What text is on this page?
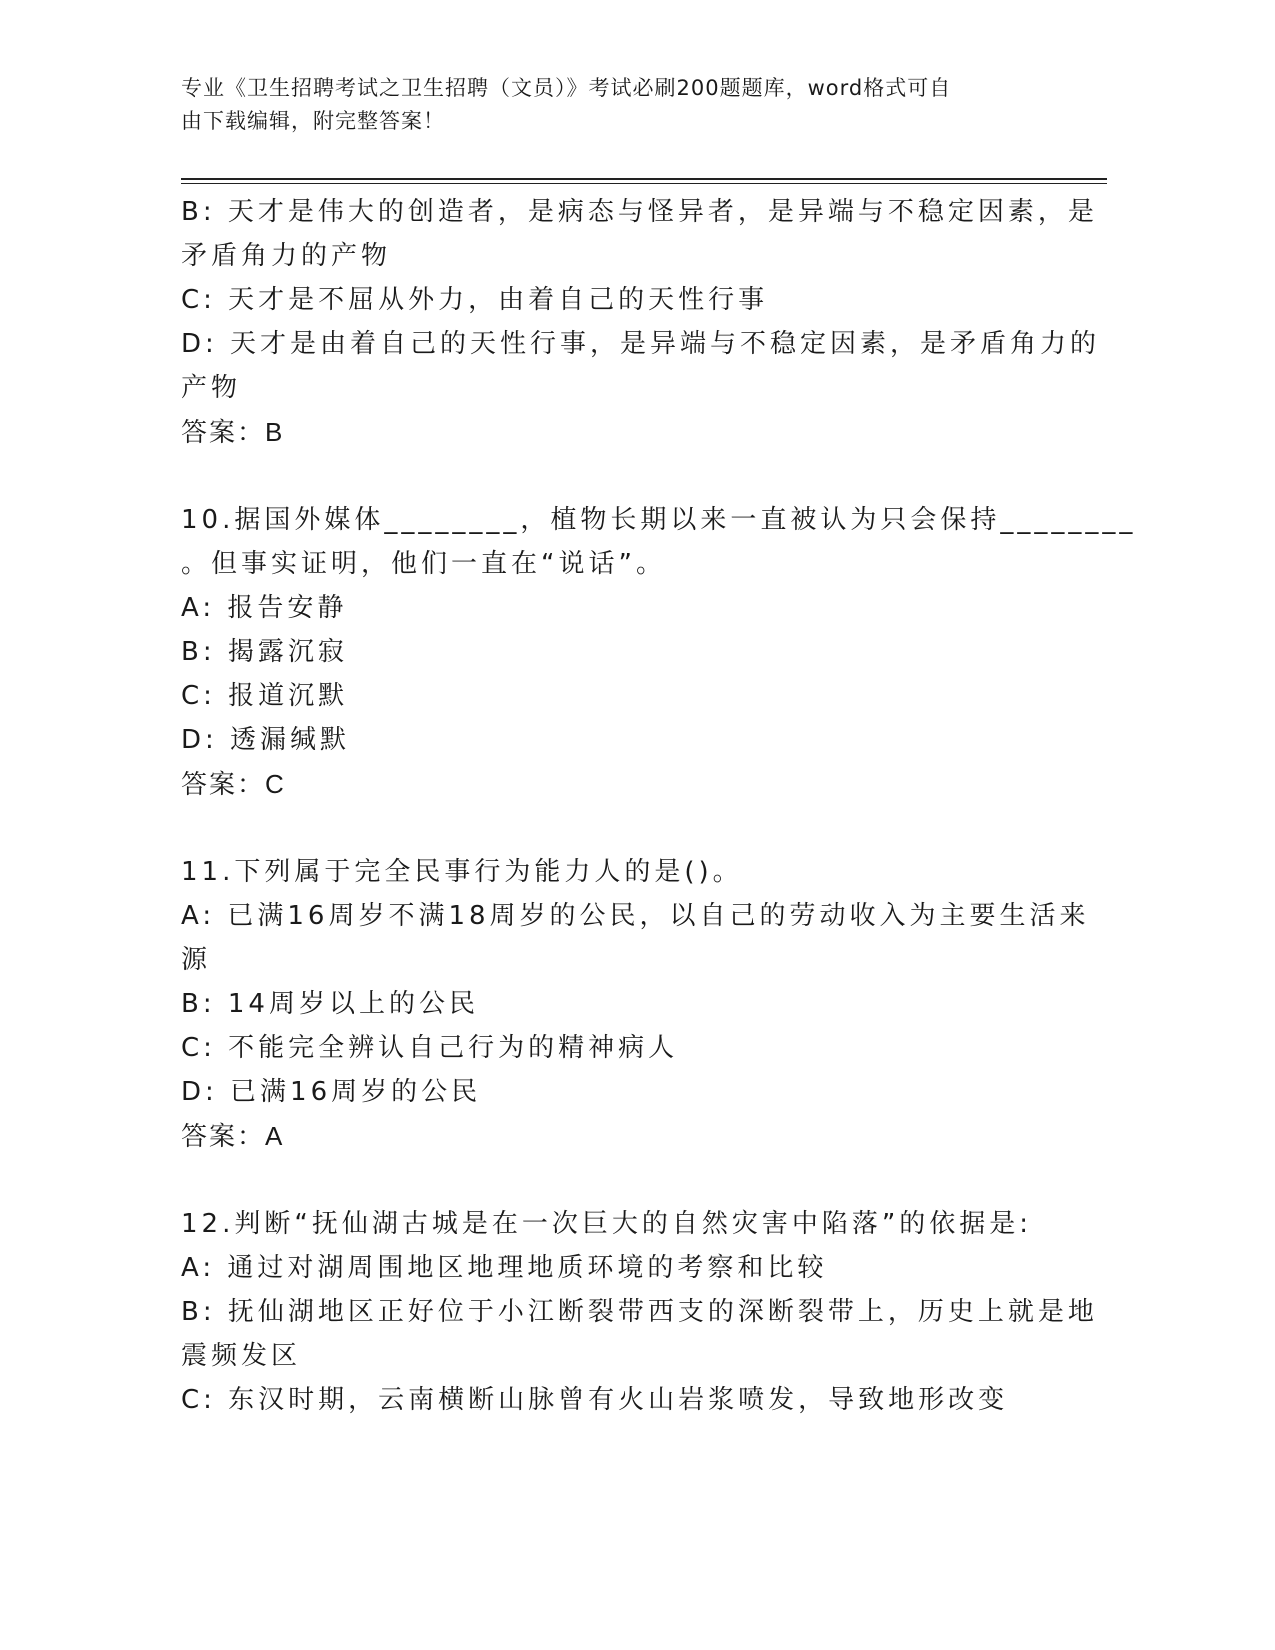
专业《卫生招聘考试之卫生招聘（文员）》考试必刷200题题库，word格式可自
由下载编辑，附完整答案！
B: 天才是伟大的创造者，是病态与怪异者，是异端与不稳定因素，是
矛盾角力的产物
C: 天才是不屈从外力，由着自己的天性行事
D: 天才是由着自己的天性行事，是异端与不稳定因素，是矛盾角力的
产物
答案：B
10.据国外媒体________，植物长期以来一直被认为只会保持________
。但事实证明，他们一直在“说话”。
A: 报告安静
B: 揭露沉寂
C: 报道沉默
D: 透漏缄默
答案：C
11.下列属于完全民事行为能力人的是()。
A: 已满16周岁不满18周岁的公民，以自己的劳动收入为主要生活来
源
B: 14周岁以上的公民
C: 不能完全辨认自己行为的精神病人
D: 已满16周岁的公民
答案：A
12.判断“抚仙湖古城是在一次巨大的自然灾害中陷落”的依据是:
A: 通过对湖周围地区地理地质环境的考察和比较
B: 抚仙湖地区正好位于小江断裂带西支的深断裂带上，历史上就是地
震频发区
C: 东汉时期，云南横断山脉曾有火山岩浆喷发，导致地形改变
